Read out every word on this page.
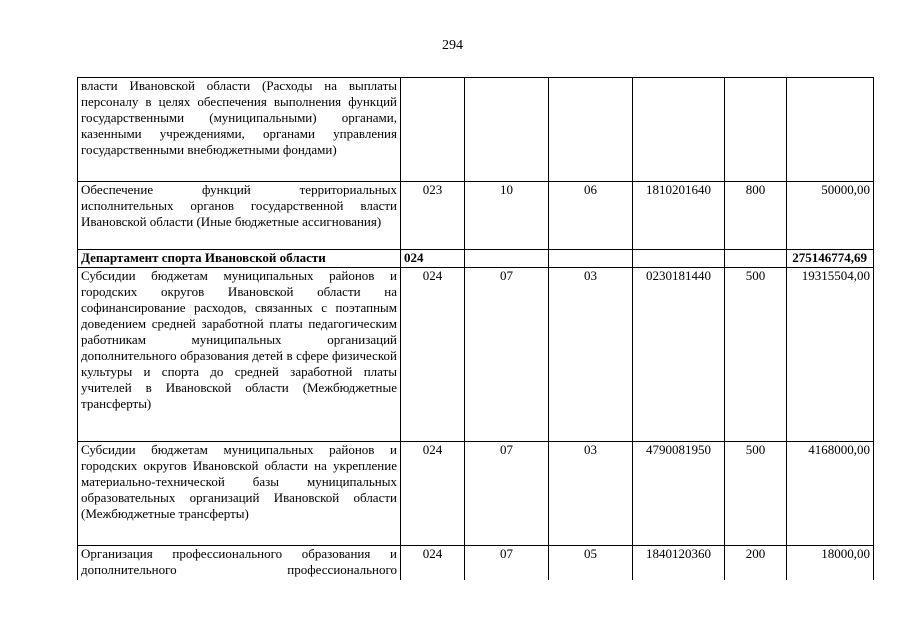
294
власти Ивановской области (Расходы на выплаты персоналу в целях обеспечения выполнения функций государственными (муниципальными) органами, казенными учреждениями, органами управления государственными внебюджетными фондами)						
Обеспечение функций территориальных исполнительных органов государственной власти Ивановской области (Иные бюджетные ассигнования)	023	10	06	1810201640	800	50000,00
Департамент спорта Ивановской области	024					275146774,69
Субсидии бюджетам муниципальных районов и городских округов Ивановской области на софинансирование расходов, связанных с поэтапным доведением средней заработной платы педагогическим работникам муниципальных организаций дополнительного образования детей в сфере физической культуры и спорта до средней заработной платы учителей в Ивановской области (Межбюджетные трансферты)	024	07	03	0230181440	500	19315504,00
Субсидии бюджетам муниципальных районов и городских округов Ивановской области на укрепление материально-технической базы муниципальных образовательных организаций Ивановской области (Межбюджетные трансферты)	024	07	03	4790081950	500	4168000,00
Организация профессионального образования и дополнительного профессионального	024	07	05	1840120360	200	18000,00
